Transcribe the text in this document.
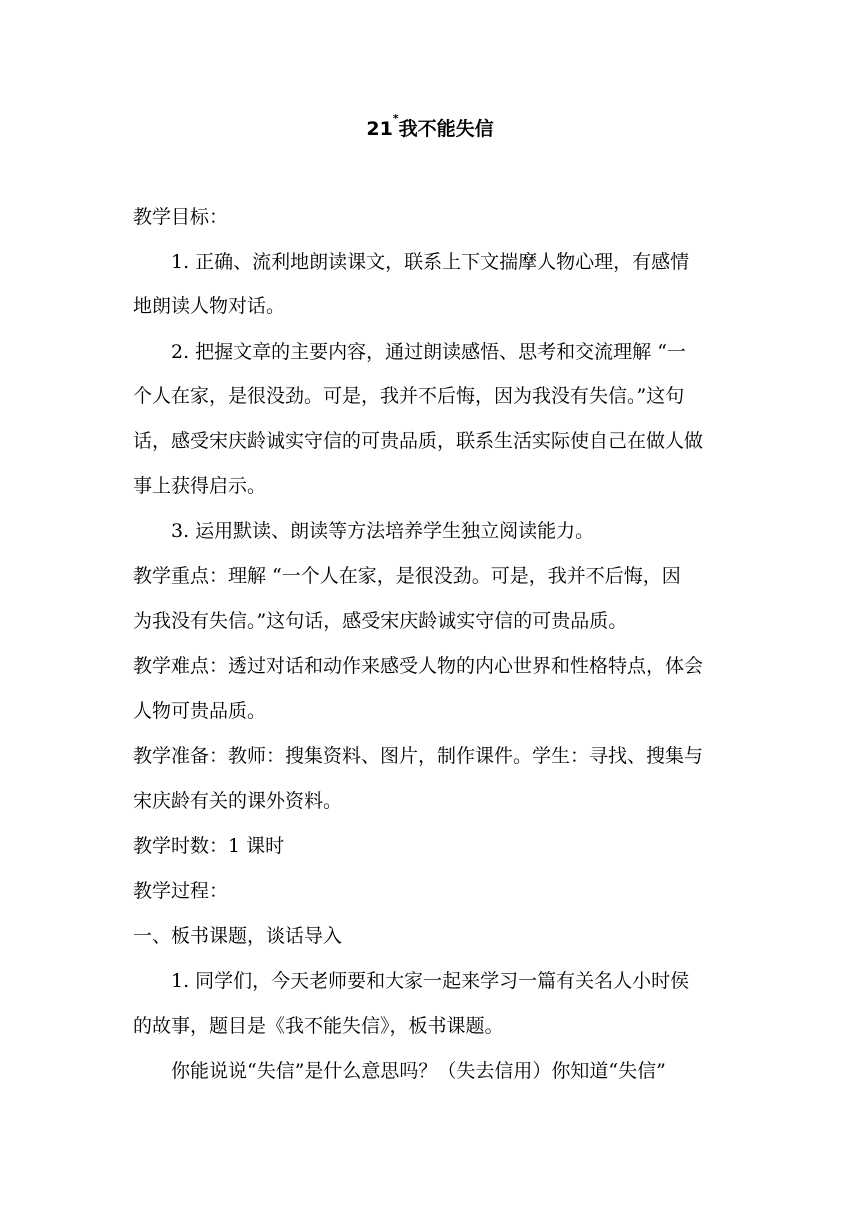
21*我不能失信
教学目标：
1. 正确、流利地朗读课文，联系上下文揣摩人物心理，有感情
地朗读人物对话。
2. 把握文章的主要内容，通过朗读感悟、思考和交流理解 “一
个人在家，是很没劲。可是，我并不后悔，因为我没有失信。”这句
话，感受宋庆龄诚实守信的可贵品质，联系生活实际使自己在做人做
事上获得启示。
3. 运用默读、朗读等方法培养学生独立阅读能力。
教学重点：理解 “一个人在家，是很没劲。可是，我并不后悔，因
为我没有失信。”这句话，感受宋庆龄诚实守信的可贵品质。
教学难点：透过对话和动作来感受人物的内心世界和性格特点，体会
人物可贵品质。
教学准备：教师：搜集资料、图片，制作课件。学生：寻找、搜集与
宋庆龄有关的课外资料。
教学时数：1 课时
教学过程：
一、板书课题，谈话导入
1. 同学们，今天老师要和大家一起来学习一篇有关名人小时侯
的故事，题目是《我不能失信》，板书课题。
你能说说“失信”是什么意思吗？（失去信用）你知道“失信”
